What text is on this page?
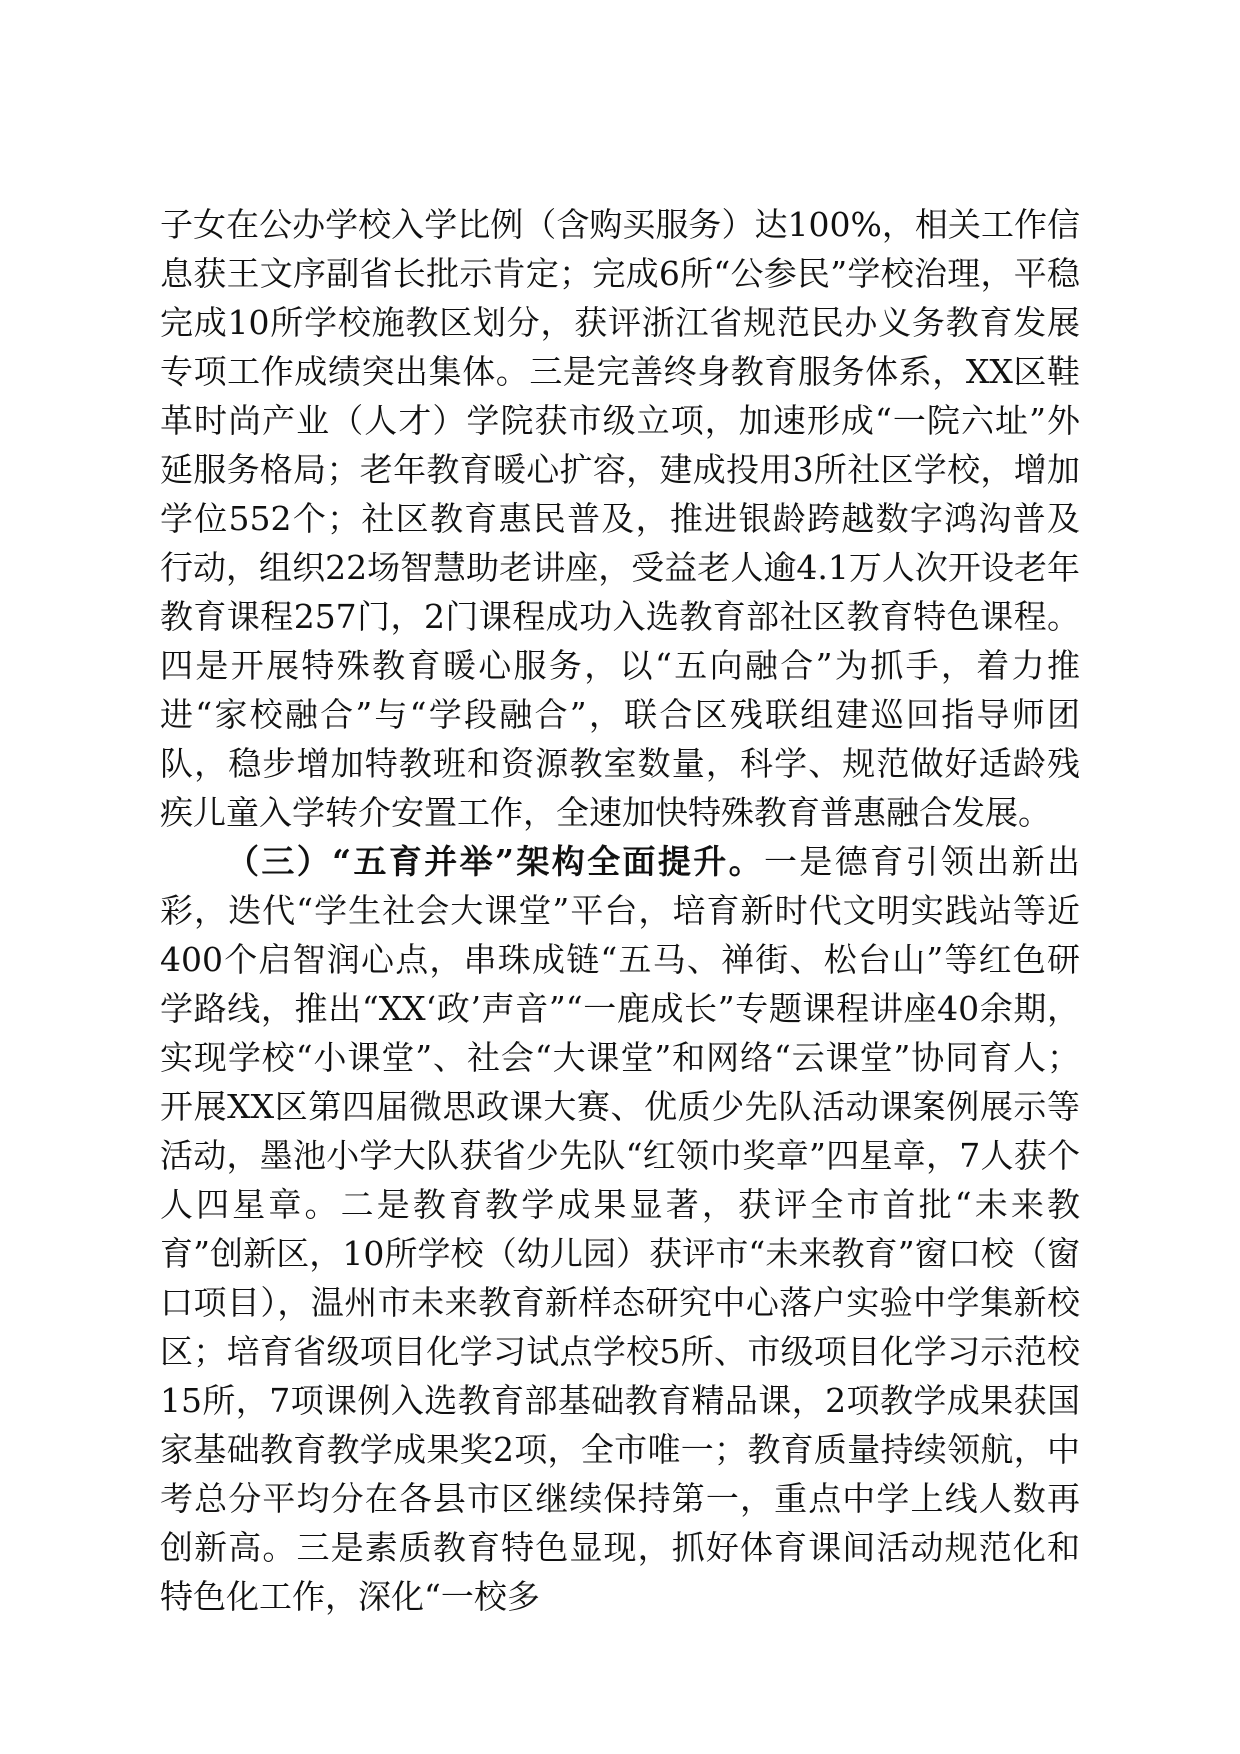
子女在公办学校入学比例（含购买服务）达100%，相关工作信息获王文序副省长批示肯定；完成6所“公参民”学校治理，平稳完成10所学校施教区划分，获评浙江省规范民办义务教育发展专项工作成绩突出集体。三是完善终身教育服务体系，XX区鞋革时尚产业（人才）学院获市级立项，加速形成“一院六址”外延服务格局；老年教育暖心扩容，建成投用3所社区学校，增加学位552个；社区教育惠民普及，推进银龄跨越数字鸿沟普及行动，组织22场智慧助老讲座，受益老人逾4.1万人次开设老年教育课程257门，2门课程成功入选教育部社区教育特色课程。四是开展特殊教育暖心服务，以“五向融合”为抓手，着力推进“家校融合”与“学段融合”，联合区残联组建巡回指导师团队，稳步增加特教班和资源教室数量，科学、规范做好适龄残疾儿童入学转介安置工作，全速加快特殊教育普惠融合发展。

（三）“五育并举”架构全面提升。一是德育引领出新出彩，迭代“学生社会大课堂”平台，培育新时代文明实践站等近400个启智润心点，串珠成链“五马、禅街、松台山”等红色研学路线，推出“XX‘政’声音”“一鹿成长”专题课程讲座40余期，实现学校“小课堂”、社会“大课堂”和网络“云课堂”协同育人；开展XX区第四届微思政课大赛、优质少先队活动课案例展示等活动，墨池小学大队获省少先队“红领巾奖章”四星章，7人获个人四星章。二是教育教学成果显著，获评全市首批“未来教育”创新区，10所学校（幼儿园）获评市“未来教育”窗口校（窗口项目），温州市未来教育新样态研究中心落户实验中学集新校区；培育省级项目化学习试点学校5所、市级项目化学习示范校15所，7项课例入选教育部基础教育精品课，2项教学成果获国家基础教育教学成果奖2项，全市唯一；教育质量持续领航，中考总分平均分在各县市区继续保持第一，重点中学上线人数再创新高。三是素质教育特色显现，抓好体育课间活动规范化和特色化工作，深化“一校多
